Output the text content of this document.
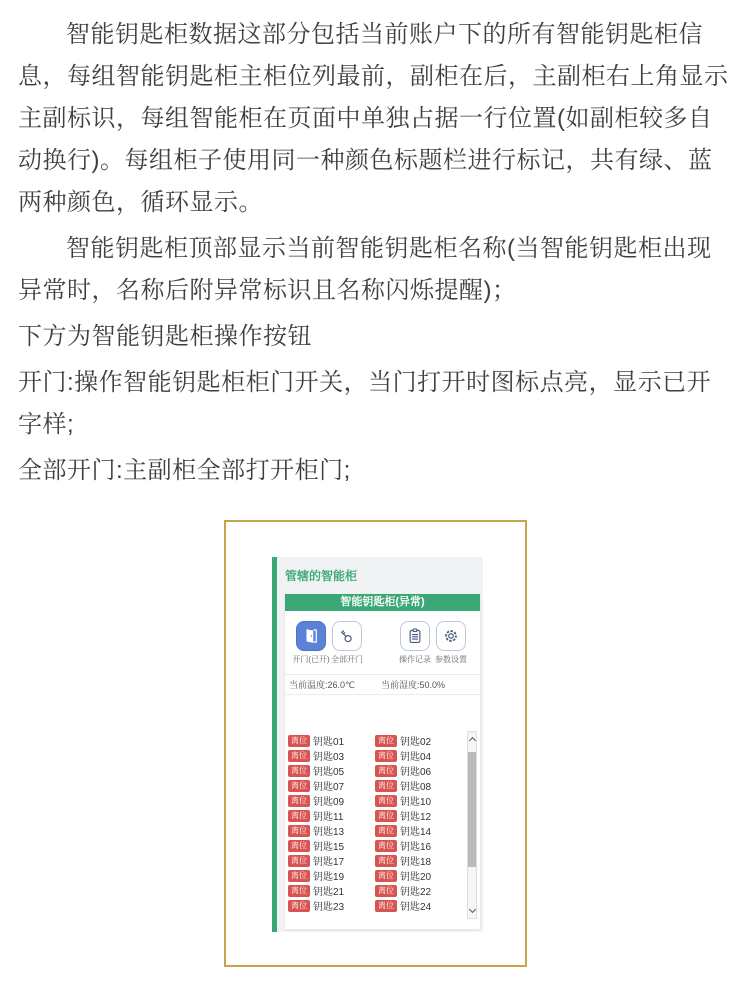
智能钥匙柜数据这部分包括当前账户下的所有智能钥匙柜信息，每组智能钥匙柜主柜位列最前，副柜在后，主副柜右上角显示主副标识，每组智能柜在页面中单独占据一行位置(如副柜较多自动换行)。每组柜子使用同一种颜色标题栏进行标记，共有绿、蓝两种颜色，循环显示。

智能钥匙柜顶部显示当前智能钥匙柜名称(当智能钥匙柜出现异常时，名称后附异常标识且名称闪烁提醒)；

下方为智能钥匙柜操作按钮

开门:操作智能钥匙柜柜门开关，当门打开时图标点亮，显示已开字样;

全部开门:主副柜全部打开柜门;

管辖的智能柜
智能钥匙柜(异常)
开门(已开) 全部开门	操作记录 参数设置
当前温度:26.0℃	当前湿度:50.0%
离位 钥匙01	离位 钥匙02
离位 钥匙03	离位 钥匙04
离位 钥匙05	离位 钥匙06
离位 钥匙07	离位 钥匙08
离位 钥匙09	离位 钥匙10
离位 钥匙11	离位 钥匙12
离位 钥匙13	离位 钥匙14
离位 钥匙15	离位 钥匙16
离位 钥匙17	离位 钥匙18
离位 钥匙19	离位 钥匙20
离位 钥匙21	离位 钥匙22
离位 钥匙23	离位 钥匙24
